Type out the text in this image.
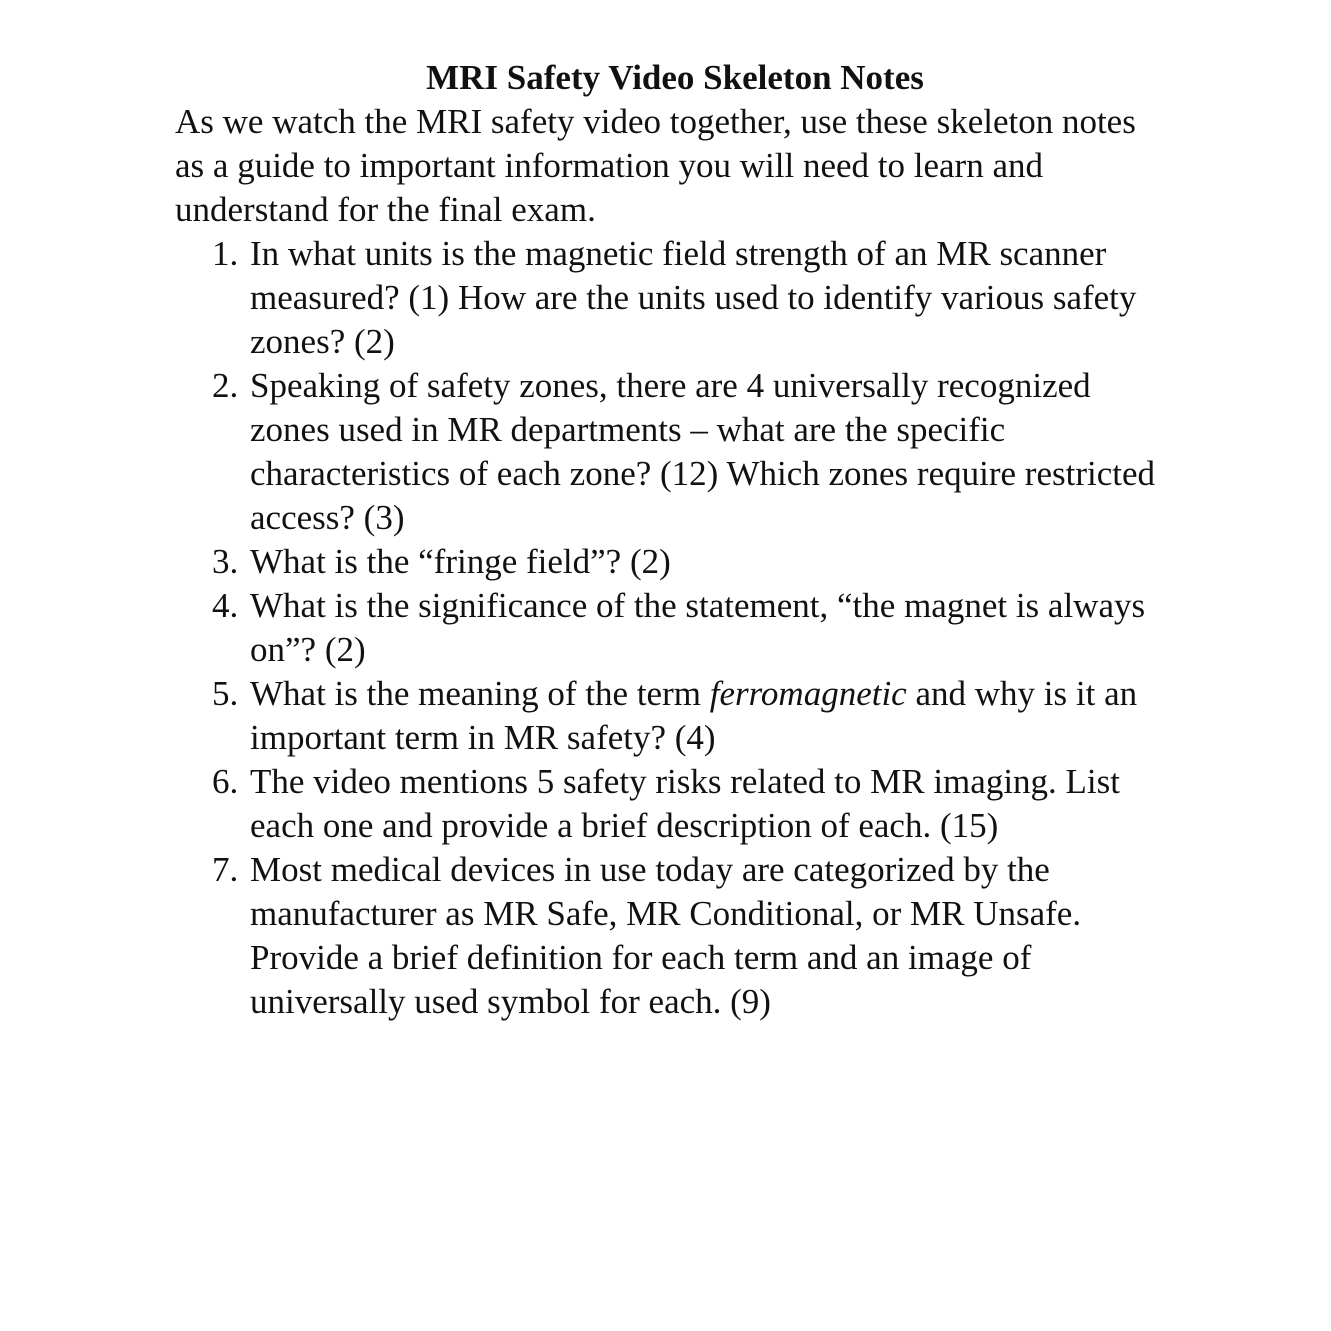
MRI Safety Video Skeleton Notes

As we watch the MRI safety video together, use these skeleton notes as a guide to important information you will need to learn and understand for the final exam.

1. In what units is the magnetic field strength of an MR scanner measured? (1) How are the units used to identify various safety zones? (2)
2. Speaking of safety zones, there are 4 universally recognized zones used in MR departments – what are the specific characteristics of each zone? (12) Which zones require restricted access? (3)
3. What is the “fringe field”? (2)
4. What is the significance of the statement, “the magnet is always on”? (2)
5. What is the meaning of the term ferromagnetic and why is it an important term in MR safety? (4)
6. The video mentions 5 safety risks related to MR imaging. List each one and provide a brief description of each. (15)
7. Most medical devices in use today are categorized by the manufacturer as MR Safe, MR Conditional, or MR Unsafe. Provide a brief definition for each term and an image of universally used symbol for each. (9)
